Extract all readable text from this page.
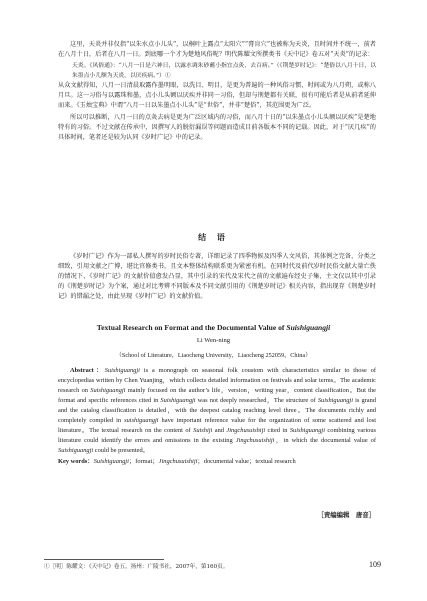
这里，天炎并非仅指“以朱水点小儿头”，以桐叶上露点“太阳穴”“膏肓穴”也被称为天炎，且时间并不统一，前者在八月十日，后者在八月一日。到底哪一个才为楚地风俗呢？明代陈耀文所撰类书《天中记》卷五对“天炎”的记录：

天炎。《风俗通》：“八月一日是六神日，以露水调朱砂蘸小指宜点灸，去百病。”（《荆楚岁时记》：“楚俗以八月十日，以朱墨点小儿额为天炎，以厌疾病。”）①

从众文献得知，八月一日清晨取露作墨明眼，以洗目、明目，是更为普遍的一种风俗习惯，时间或为八月朔，或称八月旦。这一习俗与以露珠和墨，点小儿头额以厌疾并非同一习俗，但却与荆楚都有关联，很有可能后者是从前者延伸而来。《玉烛宝典》中谓“八月一日以朱墨点小儿头”是“世俗”，并非“楚俗”，其范围更为广泛。

所以可以推断，八月一日的点灸去病是更为广泛区域内的习俗，而八月十日的“以朱墨点小儿头额以厌疾”是楚地特有的习俗。不过文献在传承中，因撰写人的脱衍漏误等问题而造成目前各版本不同的记载。因此，对于“厌几疾”的具体时间，笔者还是较为认同《岁时广记》中的记录。

结 语

《岁时广记》作为一部私人撰写的岁时民俗专著，详细记录了四季物候及四季人文风俗，其体例之完备，分类之细致，引用文献之广博，堪比官修类书，且文本整体结构联系更为紧密有机。在同时代及前代岁时民俗文献大量亡佚的情况下，《岁时广记》的文献价值愈发凸显，其中引录的宋代及宋代之前的文献遍布经史子集，主文仅以其中引录的《荆楚岁时记》为个案，通过对比考辨不同版本及不同文献引用的《荆楚岁时记》相关内容，指出现存《荆楚岁时记》的错漏之处，由此呈现《岁时广记》的文献价值。

Textual Research on Format and the Documental Value of Suishiguangji
Li Wen-ning
（School of Literature，Liaocheng University，Liaocheng 252059，China）

Abstract：Suishiguangji is a monograph on seasonal folk coustom with characteristics similar to those of encyclopedias written by Chen Yuanjing，which collects detailed information on festivals and solar terms。The academic research on Suishiguangji mainly focused on the author’s life，version，writing year，content classification。But the format and specific references cited in Suishiguangji was not deeply researched，The structure of Suishiguangji is grand and the catalog classification is detailed，with the deepest catalog reaching level three。The documents richly and completely compiled in suishiguangji have important reference value for the organization of some scattered and lost literature。The textual research on the content of Suishiji and Jingchusuishiji cited in Suishiguangji combining various literature could identify the errors and omissions in the existing Jingchusuishiji，in which the documental value of Suishiguangji could be presented。

Key words：Suishiguangji；format；Jingchusuishiji；documental value；textual research

［责编编辑　唐音］
①［明］陈耀文：《天中记》卷五，扬州：广陵书社，2007年，第160页。	109
